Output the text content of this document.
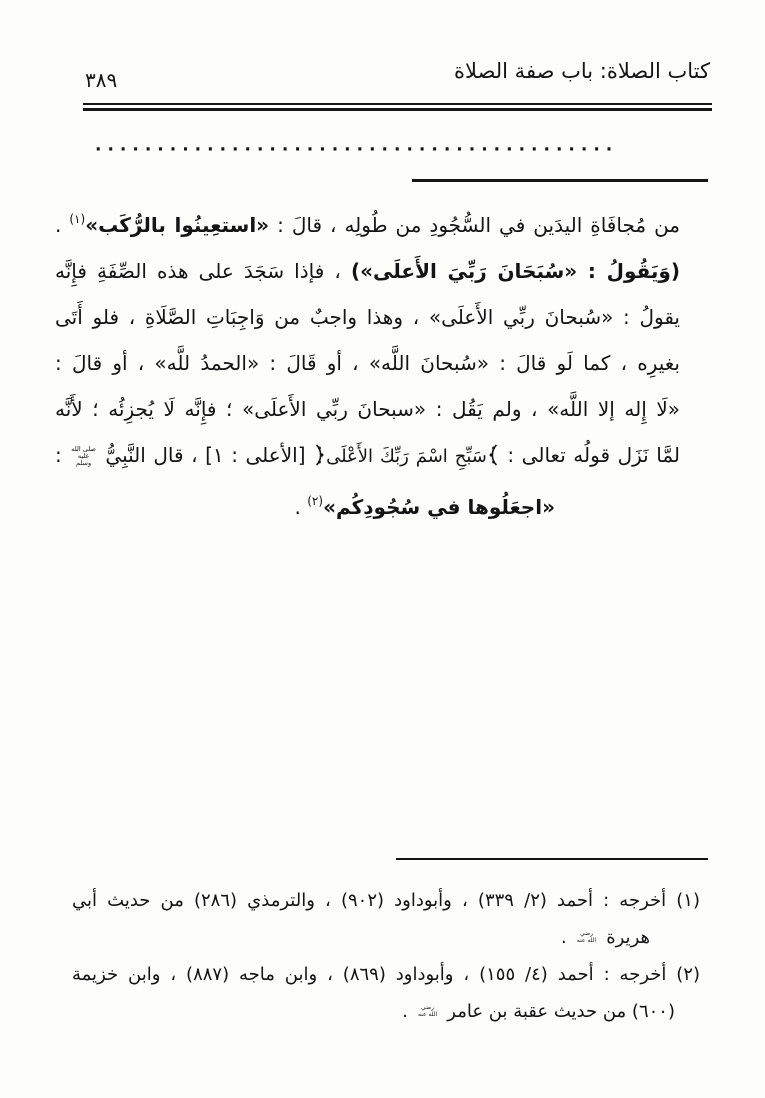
كتاب الصلاة: باب صفة الصلاة
٣٨٩
··········································
من مُجافَاةِ اليدَين في السُّجُودِ من طُولِه ، قالَ : «استعِينُوا بالرُّكَب»$^{(١)}$ .
(وَيَقُولُ : «سُبَحَانَ رَبِّيَ الأَعلَى») ، فإذا سَجَدَ على هذه الصِّفَةِ فإِنَّه
يقولُ : «سُبحانَ ربِّي الأَعلَى» ، وهذا واجبٌ من وَاجِبَاتِ الصَّلَاةِ ، فلو أَتَى
بغيرِه ، كما لَو قالَ : «سُبحانَ اللَّه» ، أو قَالَ : «الحمدُ للَّه» ، أو قالَ :
«لَا إِله إلا اللَّه» ، ولم يَقُل : «سبحانَ ربِّي الأَعلَى» ؛ فإِنَّه لَا يُجزِئُه ؛ لأَنَّه
لمَّا نَزَل قولُه تعالى : سَبِّحِ اسْمَ رَبِّكَ الأَعْلَى [الأعلى : ١] ، قال النَّبِيُّ
صلى الله
عليه
وسلم
:
«اجعَلُوها في سُجُودِكُم»$^{(٢)}$ .
(١) أخرجه : أحمد (٢/ ٣٣٩) ، وأبوداود (٩٠٢) ، والترمذي (٢٨٦) من حديث أبي
هريرة
رضي
الله عنه
.
(٢) أخرجه : أحمد (٤/ ١٥٥) ، وأبوداود (٨٦٩) ، وابن ماجه (٨٨٧) ، وابن خزيمة
(٦٠٠) من حديث عقبة بن عامر
رضي
الله عنه
.
